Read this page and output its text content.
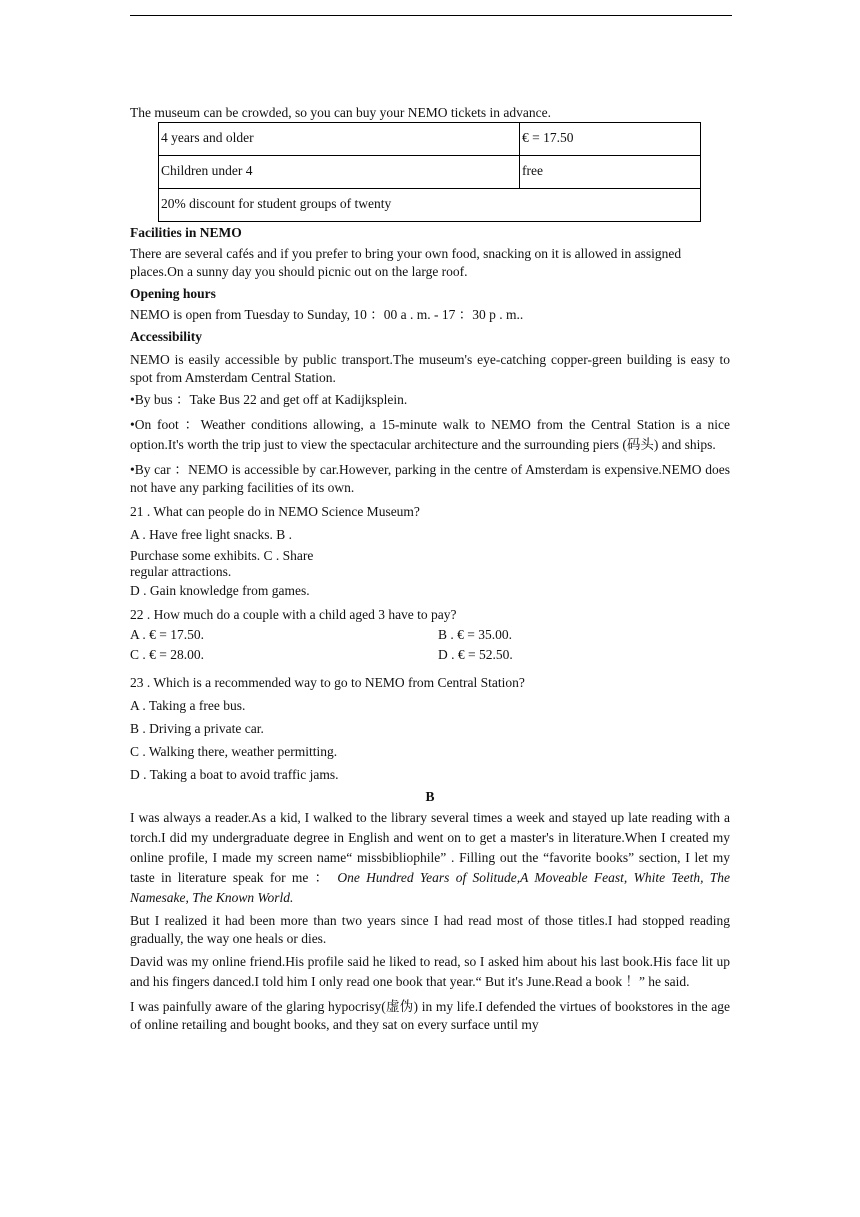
The museum can be crowded, so you can buy your NEMO tickets in advance.

4 years and older	€ = 17.50
Children under 4	free
20% discount for student groups of twenty	
Facilities in NEMO

There are several cafés and if you prefer to bring your own food, snacking on it is allowed in assigned places.On a sunny day you should picnic out on the large roof.

Opening hours

NEMO is open from Tuesday to Sunday, 10 ：00 a . m. - 17 ：30 p . m..

Accessibility

NEMO is easily accessible by public transport.The museum's eye-catching copper-green building is easy to spot from Amsterdam Central Station.

•By bus ：Take Bus 22 and get off at Kadijksplein.

•On foot ：Weather conditions allowing, a 15-minute walk to NEMO from the Central Station is a nice option.It's worth the trip just to view the spectacular architecture and the surrounding piers (码头) and ships.

•By car ：NEMO is accessible by car.However, parking in the centre of Amsterdam is expensive.NEMO does not have any parking facilities of its own.

21 . What can people do in NEMO Science Museum?

A . Have free light snacks. B .

Purchase some exhibits. C . Share regular attractions.

D . Gain knowledge from games.

22 . How much do a couple with a child aged 3 have to pay?

A . € = 17.50.	B . € = 35.00.
C . € = 28.00.	D . € = 52.50.

23 . Which is a recommended way to go to NEMO from Central Station?

A . Taking a free bus.

B . Driving a private car.

C . Walking there, weather permitting.

D . Taking a boat to avoid traffic jams.

B

I was always a reader.As a kid, I walked to the library several times a week and stayed up late reading with a torch.I did my undergraduate degree in English and went on to get a master's in literature.When I created my online profile, I made my screen name“ missbibliophile” . Filling out the “favorite books” section, I let my taste in literature speak for me ： One Hundred Years of Solitude,A Moveable Feast, White Teeth, The Namesake, The Known World.

But I realized it had been more than two years since I had read most of those titles.I had stopped reading gradually, the way one heals or dies.

David was my online friend.His profile said he liked to read, so I asked him about his last book.His face lit up and his fingers danced.I told him I only read one book that year.“ But it's June.Read a book ！” he said.

I was painfully aware of the glaring hypocrisy(虚伪) in my life.I defended the virtues of bookstores in the age of online retailing and bought books, and they sat on every surface until my
